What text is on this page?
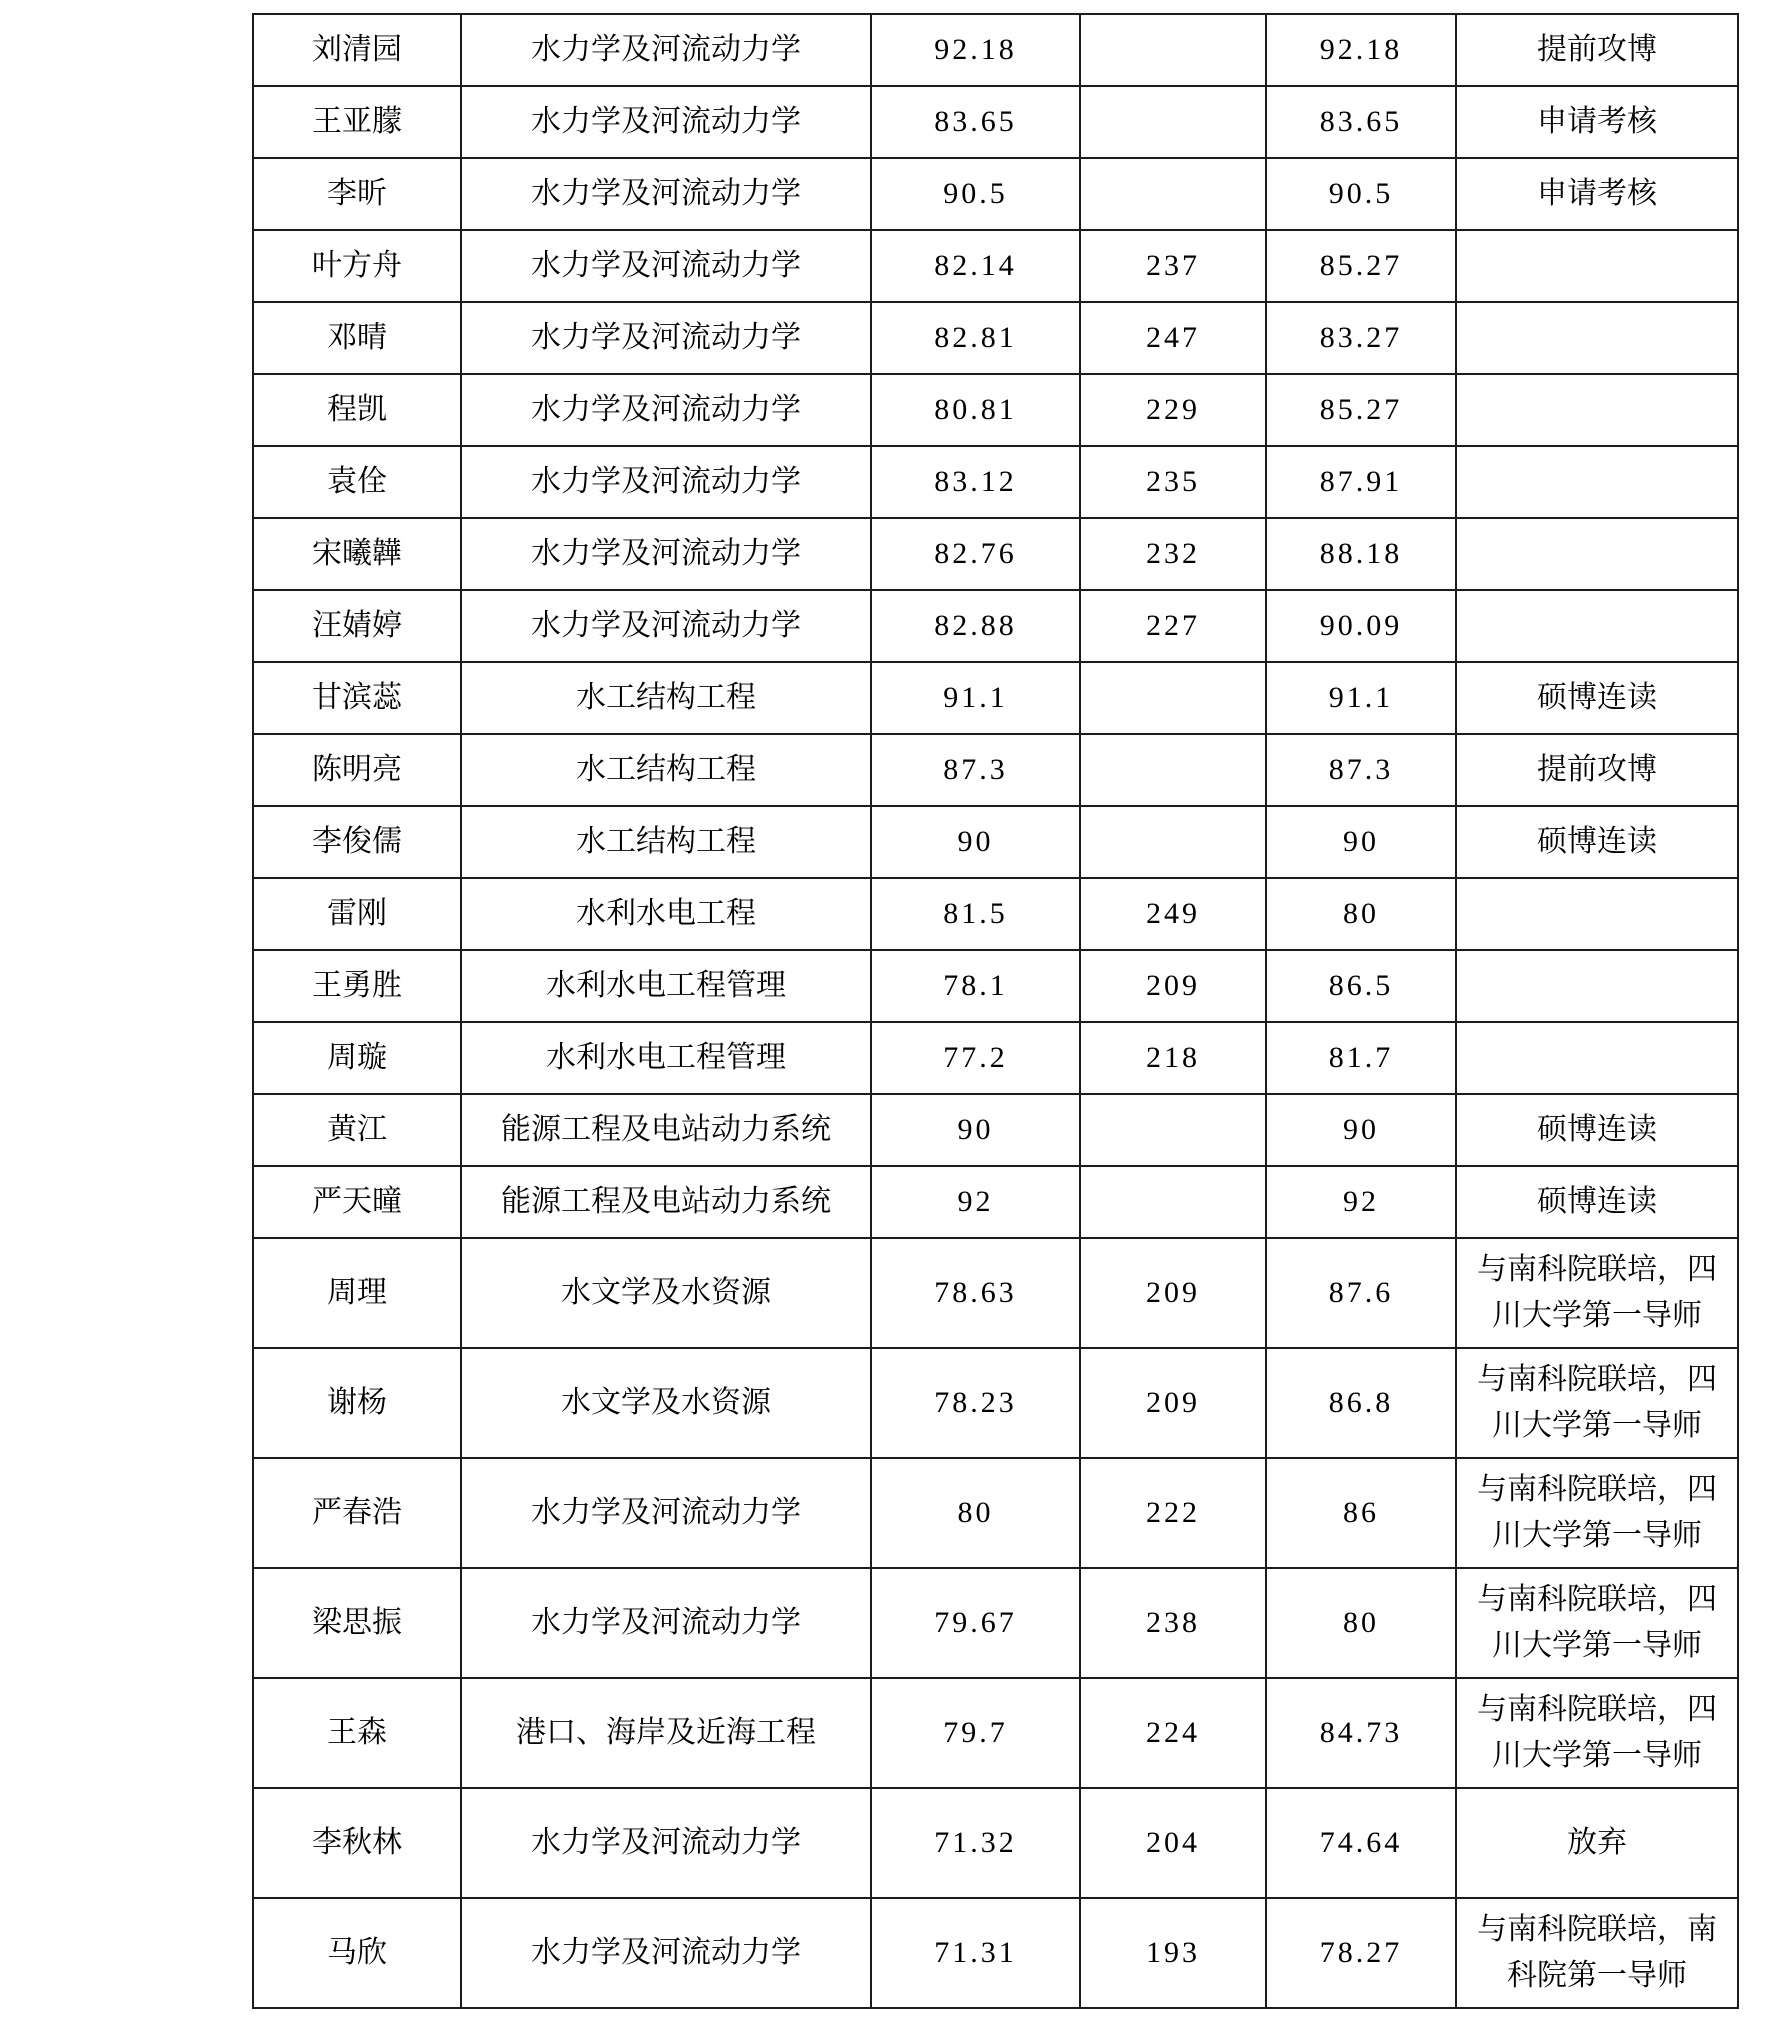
刘清园	水力学及河流动力学	92.18		92.18	提前攻博
王亚朦	水力学及河流动力学	83.65		83.65	申请考核
李昕	水力学及河流动力学	90.5		90.5	申请考核
叶方舟	水力学及河流动力学	82.14	237	85.27	
邓晴	水力学及河流动力学	82.81	247	83.27	
程凯	水力学及河流动力学	80.81	229	85.27	
袁佺	水力学及河流动力学	83.12	235	87.91	
宋曦韡	水力学及河流动力学	82.76	232	88.18	
汪婧婷	水力学及河流动力学	82.88	227	90.09	
甘滨蕊	水工结构工程	91.1		91.1	硕博连读
陈明亮	水工结构工程	87.3		87.3	提前攻博
李俊儒	水工结构工程	90		90	硕博连读
雷刚	水利水电工程	81.5	249	80	
王勇胜	水利水电工程管理	78.1	209	86.5	
周璇	水利水电工程管理	77.2	218	81.7	
黄江	能源工程及电站动力系统	90		90	硕博连读
严天曈	能源工程及电站动力系统	92		92	硕博连读
周理	水文学及水资源	78.63	209	87.6	与南科院联培，四川大学第一导师
谢杨	水文学及水资源	78.23	209	86.8	与南科院联培，四川大学第一导师
严春浩	水力学及河流动力学	80	222	86	与南科院联培，四川大学第一导师
梁思振	水力学及河流动力学	79.67	238	80	与南科院联培，四川大学第一导师
王森	港口、海岸及近海工程	79.7	224	84.73	与南科院联培，四川大学第一导师
李秋林	水力学及河流动力学	71.32	204	74.64	放弃
马欣	水力学及河流动力学	71.31	193	78.27	与南科院联培，南科院第一导师
